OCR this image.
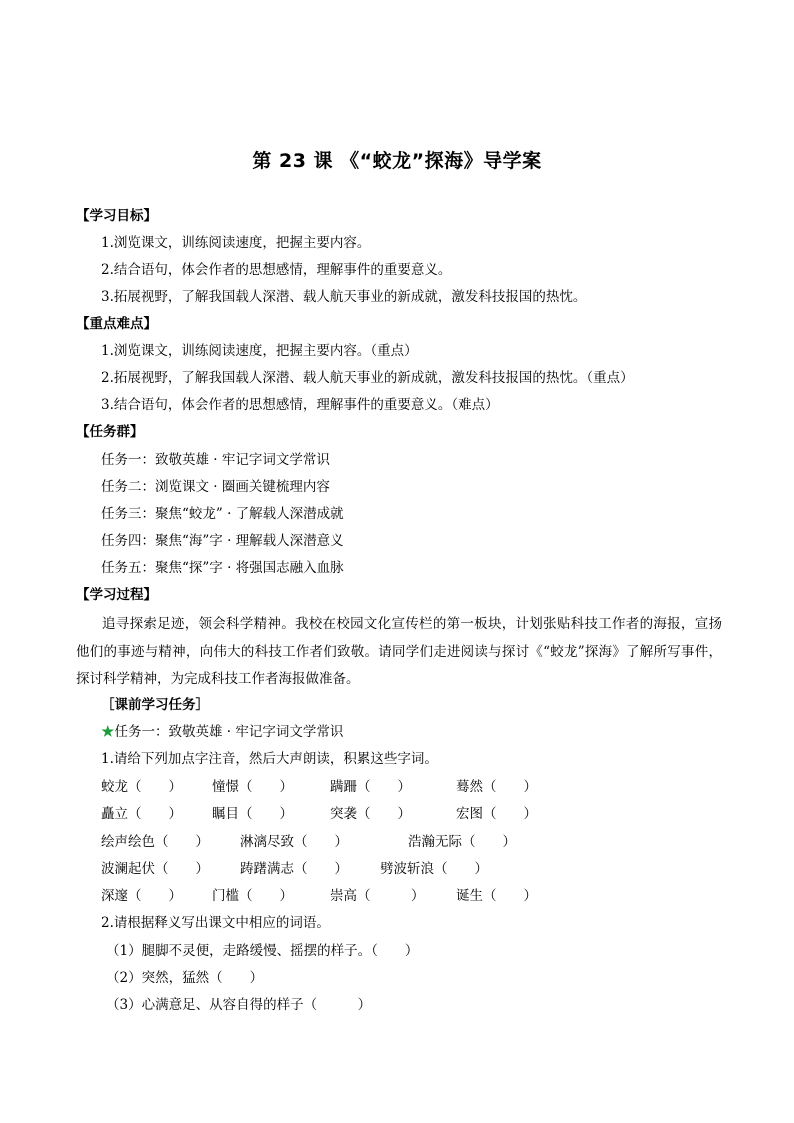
第 23 课 《“蛟龙”探海》导学案
【学习目标】
1.浏览课文，训练阅读速度，把握主要内容。
2.结合语句，体会作者的思想感情，理解事件的重要意义。
3.拓展视野，了解我国载人深潜、载人航天事业的新成就，激发科技报国的热忱。
【重点难点】
1.浏览课文，训练阅读速度，把握主要内容。（重点）
2.拓展视野，了解我国载人深潜、载人航天事业的新成就，激发科技报国的热忱。（重点）
3.结合语句，体会作者的思想感情，理解事件的重要意义。（难点）
【任务群】
任务一：致敬英雄 · 牢记字词文学常识
任务二：浏览课文 · 圈画关键梳理内容
任务三：聚焦“蛟龙” · 了解载人深潜成就
任务四：聚焦“海”字 · 理解载人深潜意义
任务五：聚焦“探”字 · 将强国志融入血脉
【学习过程】
追寻探索足迹，领会科学精神。我校在校园文化宣传栏的第一板块，计划张贴科技工作者的海报，宣扬他们的事迹与精神，向伟大的科技工作者们致敬。请同学们走进阅读与探讨《“蛟龙”探海》了解所写事件，探讨科学精神，为完成科技工作者海报做准备。
［课前学习任务］
★任务一：致敬英雄 · 牢记字词文学常识
1.请给下列加点字注音，然后大声朗读，积累这些字词。
蛟龙（　　） 憧憬（　　）	蹒跚（　　）	蓦然（　　）
矗立（　　） 瞩目（　　）	突袭（　　）	宏图（　　）
绘声绘色（　　） 淋漓尽致（　　）	浩瀚无际（　　）
波澜起伏（　　） 踌躇满志（　　） 劈波斩浪（　　）
深邃（　　） 门槛（　　）	崇高（　　　） 诞生（　　）
2.请根据释义写出课文中相应的词语。
（1）腿脚不灵便，走路缓慢、摇摆的样子。（　　）
（2）突然，猛然（　　）
（3）心满意足、从容自得的样子（　　　）
